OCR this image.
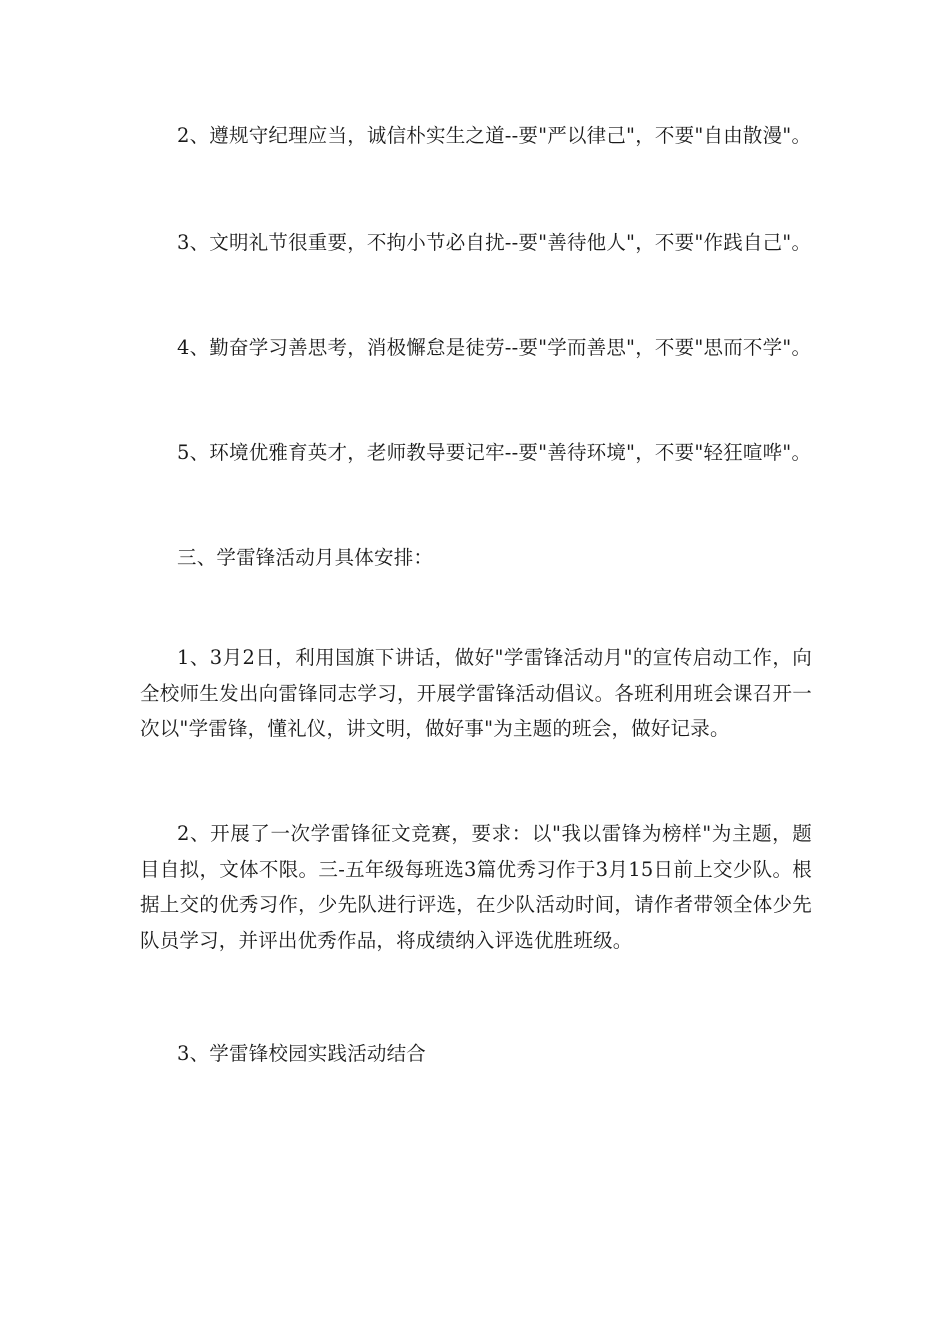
2、遵规守纪理应当，诚信朴实生之道--要"严以律己"，不要"自由散漫"。

3、文明礼节很重要，不拘小节必自扰--要"善待他人"，不要"作践自己"。

4、勤奋学习善思考，消极懈怠是徒劳--要"学而善思"，不要"思而不学"。

5、环境优雅育英才，老师教导要记牢--要"善待环境"，不要"轻狂喧哗"。

三、学雷锋活动月具体安排：

1、3月2日，利用国旗下讲话，做好"学雷锋活动月"的宣传启动工作，向全校师生发出向雷锋同志学习，开展学雷锋活动倡议。各班利用班会课召开一次以"学雷锋，懂礼仪，讲文明，做好事"为主题的班会，做好记录。

2、开展了一次学雷锋征文竞赛，要求：以"我以雷锋为榜样"为主题，题目自拟，文体不限。三-五年级每班选3篇优秀习作于3月15日前上交少队。根据上交的优秀习作，少先队进行评选，在少队活动时间，请作者带领全体少先队员学习，并评出优秀作品，将成绩纳入评选优胜班级。

3、学雷锋校园实践活动结合
